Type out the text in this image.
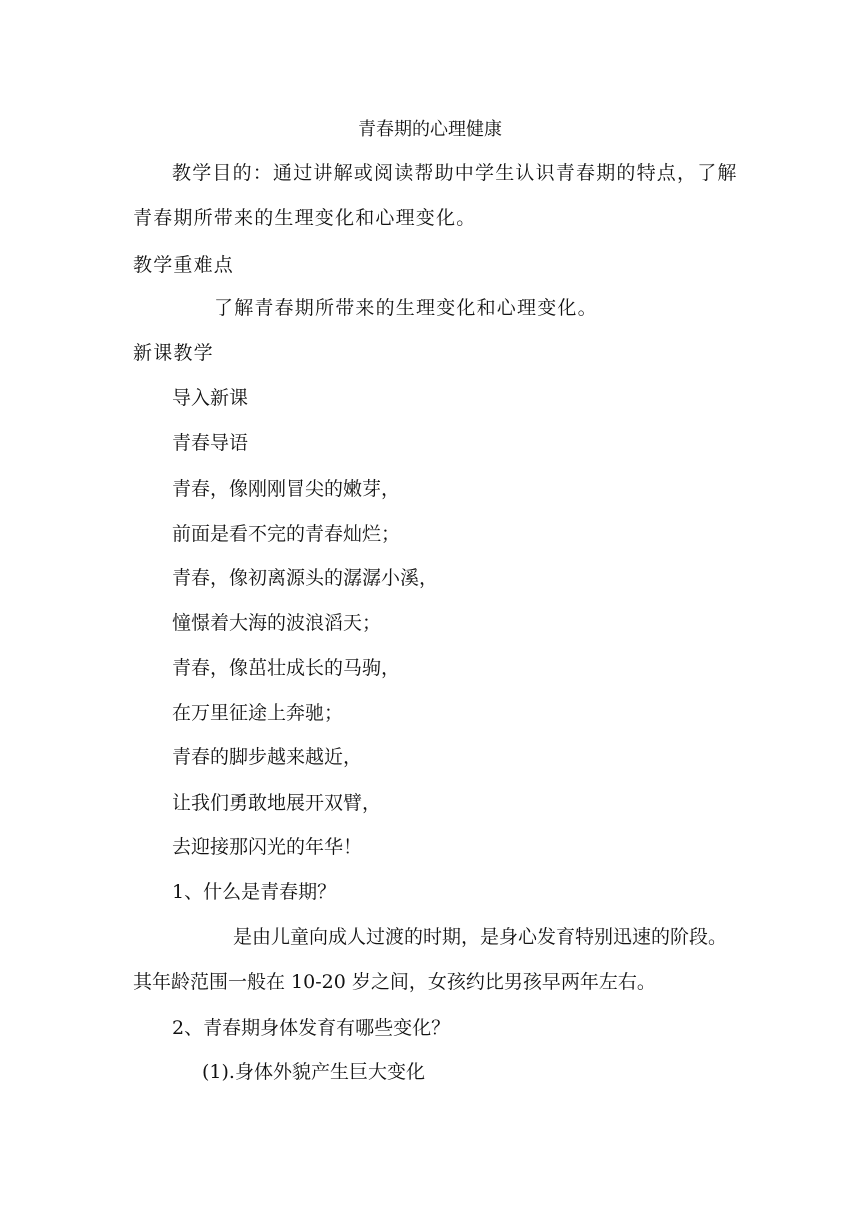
青春期的心理健康
教学目的：通过讲解或阅读帮助中学生认识青春期的特点，了解
青春期所带来的生理变化和心理变化。
教学重难点
了解青春期所带来的生理变化和心理变化。
新课教学
导入新课
青春导语
青春，像刚刚冒尖的嫩芽，
前面是看不完的青春灿烂；
青春，像初离源头的潺潺小溪，
憧憬着大海的波浪滔天；
青春，像茁壮成长的马驹，
在万里征途上奔驰；
青春的脚步越来越近，
让我们勇敢地展开双臂，
去迎接那闪光的年华！
1、什么是青春期？
是由儿童向成人过渡的时期，是身心发育特别迅速的阶段。
其年龄范围一般在 10-20 岁之间，女孩约比男孩早两年左右。
2、青春期身体发育有哪些变化？
(1).身体外貌产生巨大变化
